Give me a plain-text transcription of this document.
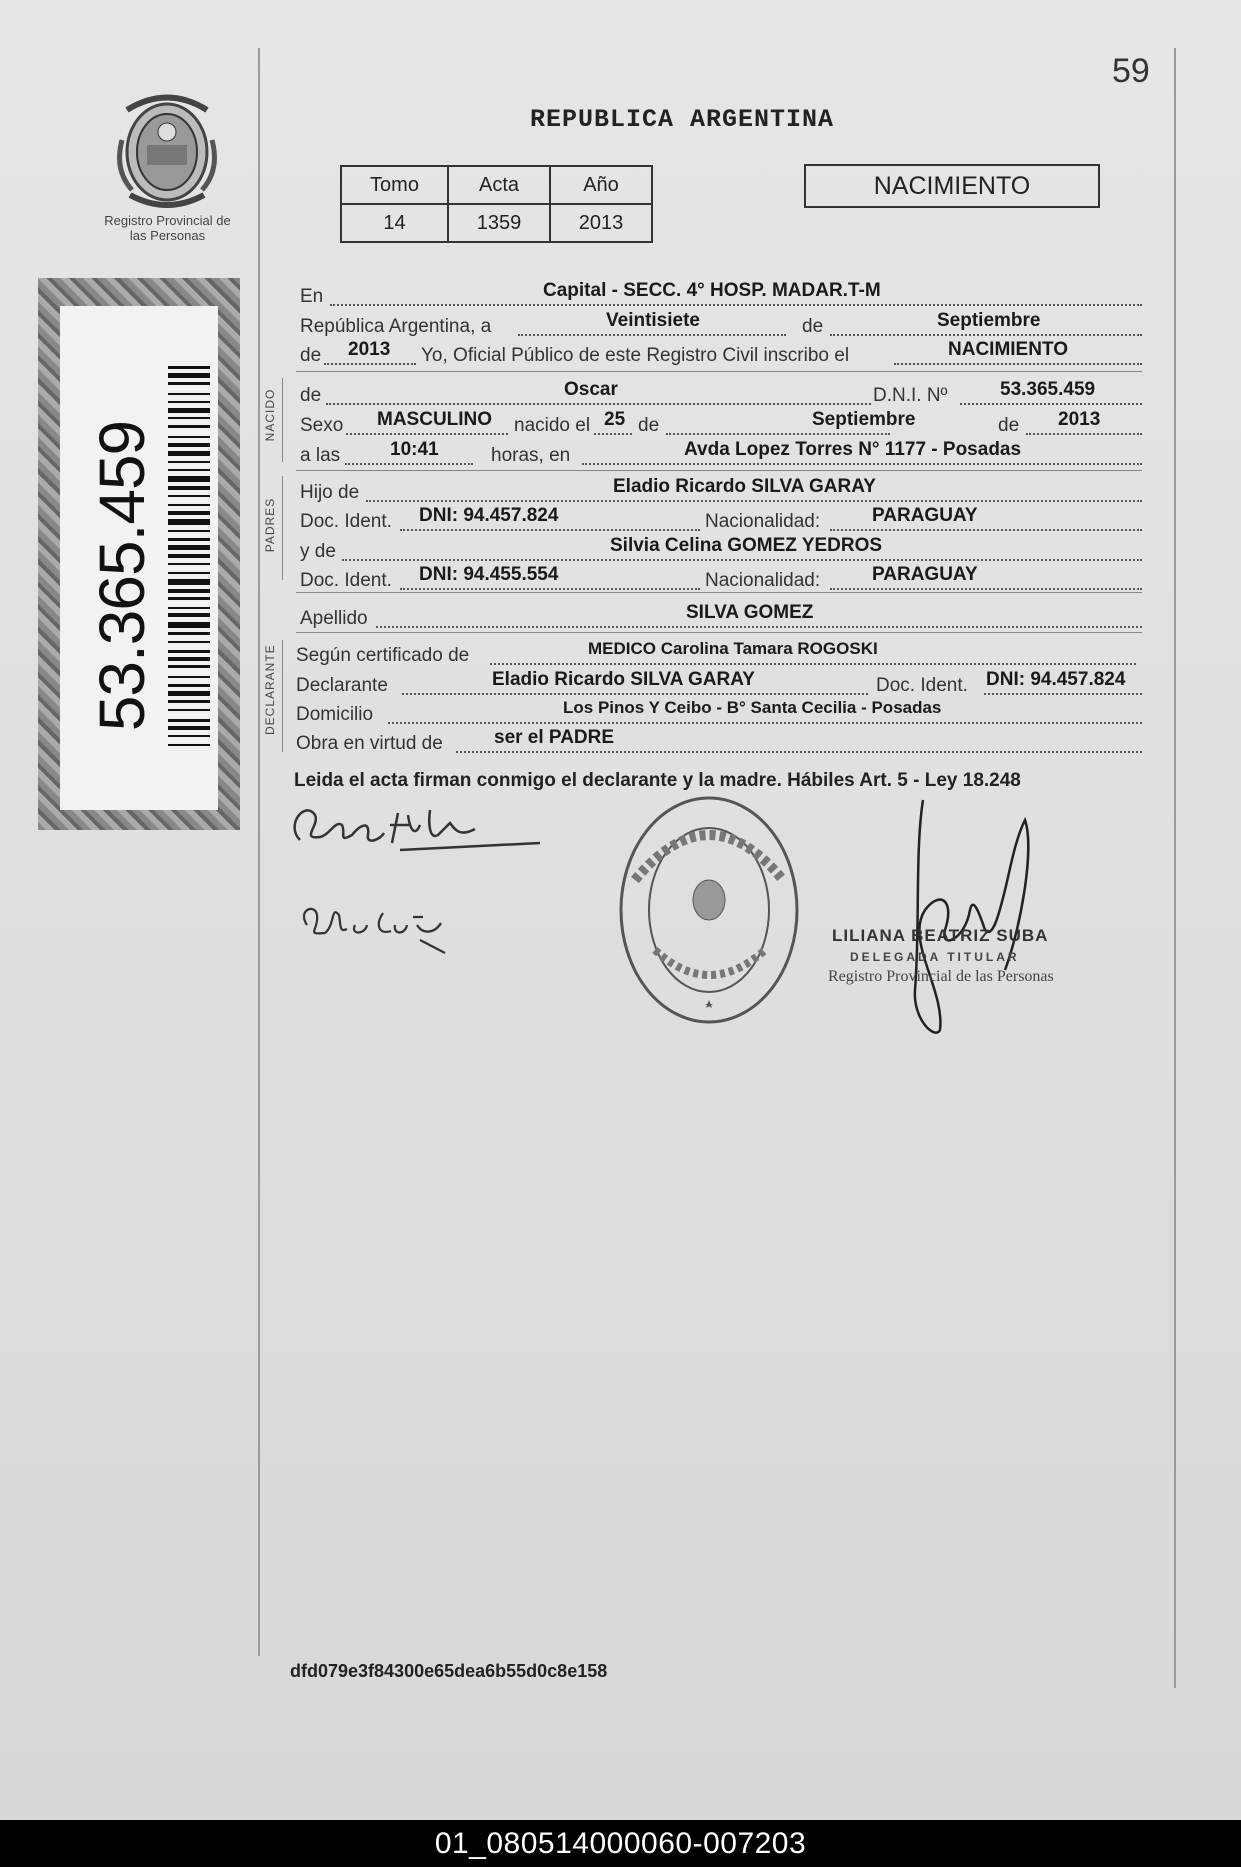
59
REPUBLICA ARGENTINA
Registro Provincial de las Personas
Tomo	Acta	Año
14	1359	2013
NACIMIENTO
53.365.459
NACIDO
PADRES
DECLARANTE
En	Capital - SECC. 4° HOSP. MADAR.T-M
República Argentina, a	Veintisiete	de	Septiembre
de 2013 Yo, Oficial Público de este Registro Civil inscribo el	NACIMIENTO
de	Oscar	D.N.I. Nº	53.365.459
Sexo MASCULINO nacido el 25 de	Septiembre	de 2013
a las	10:41	horas, en	Avda Lopez Torres N° 1177 - Posadas
Hijo de	Eladio Ricardo SILVA GARAY
Doc. Ident. DNI: 94.457.824	Nacionalidad:	PARAGUAY
y de	Silvia Celina GOMEZ YEDROS
Doc. Ident. DNI: 94.455.554	Nacionalidad:	PARAGUAY
Apellido	SILVA GOMEZ
Según certificado de	MEDICO Carolina Tamara ROGOSKI
Declarante	Eladio Ricardo SILVA GARAY	Doc. Ident. DNI: 94.457.824
Domicilio	Los Pinos Y Ceibo - B° Santa Cecilia - Posadas
Obra en virtud de	ser el PADRE
Leida el acta firman conmigo el declarante y la madre. Hábiles Art. 5 - Ley 18.248
LILIANA BEATRIZ SUBA
DELEGADA TITULAR
Registro Provincial de las Personas
dfd079e3f84300e65dea6b55d0c8e158
01_080514000060-007203
